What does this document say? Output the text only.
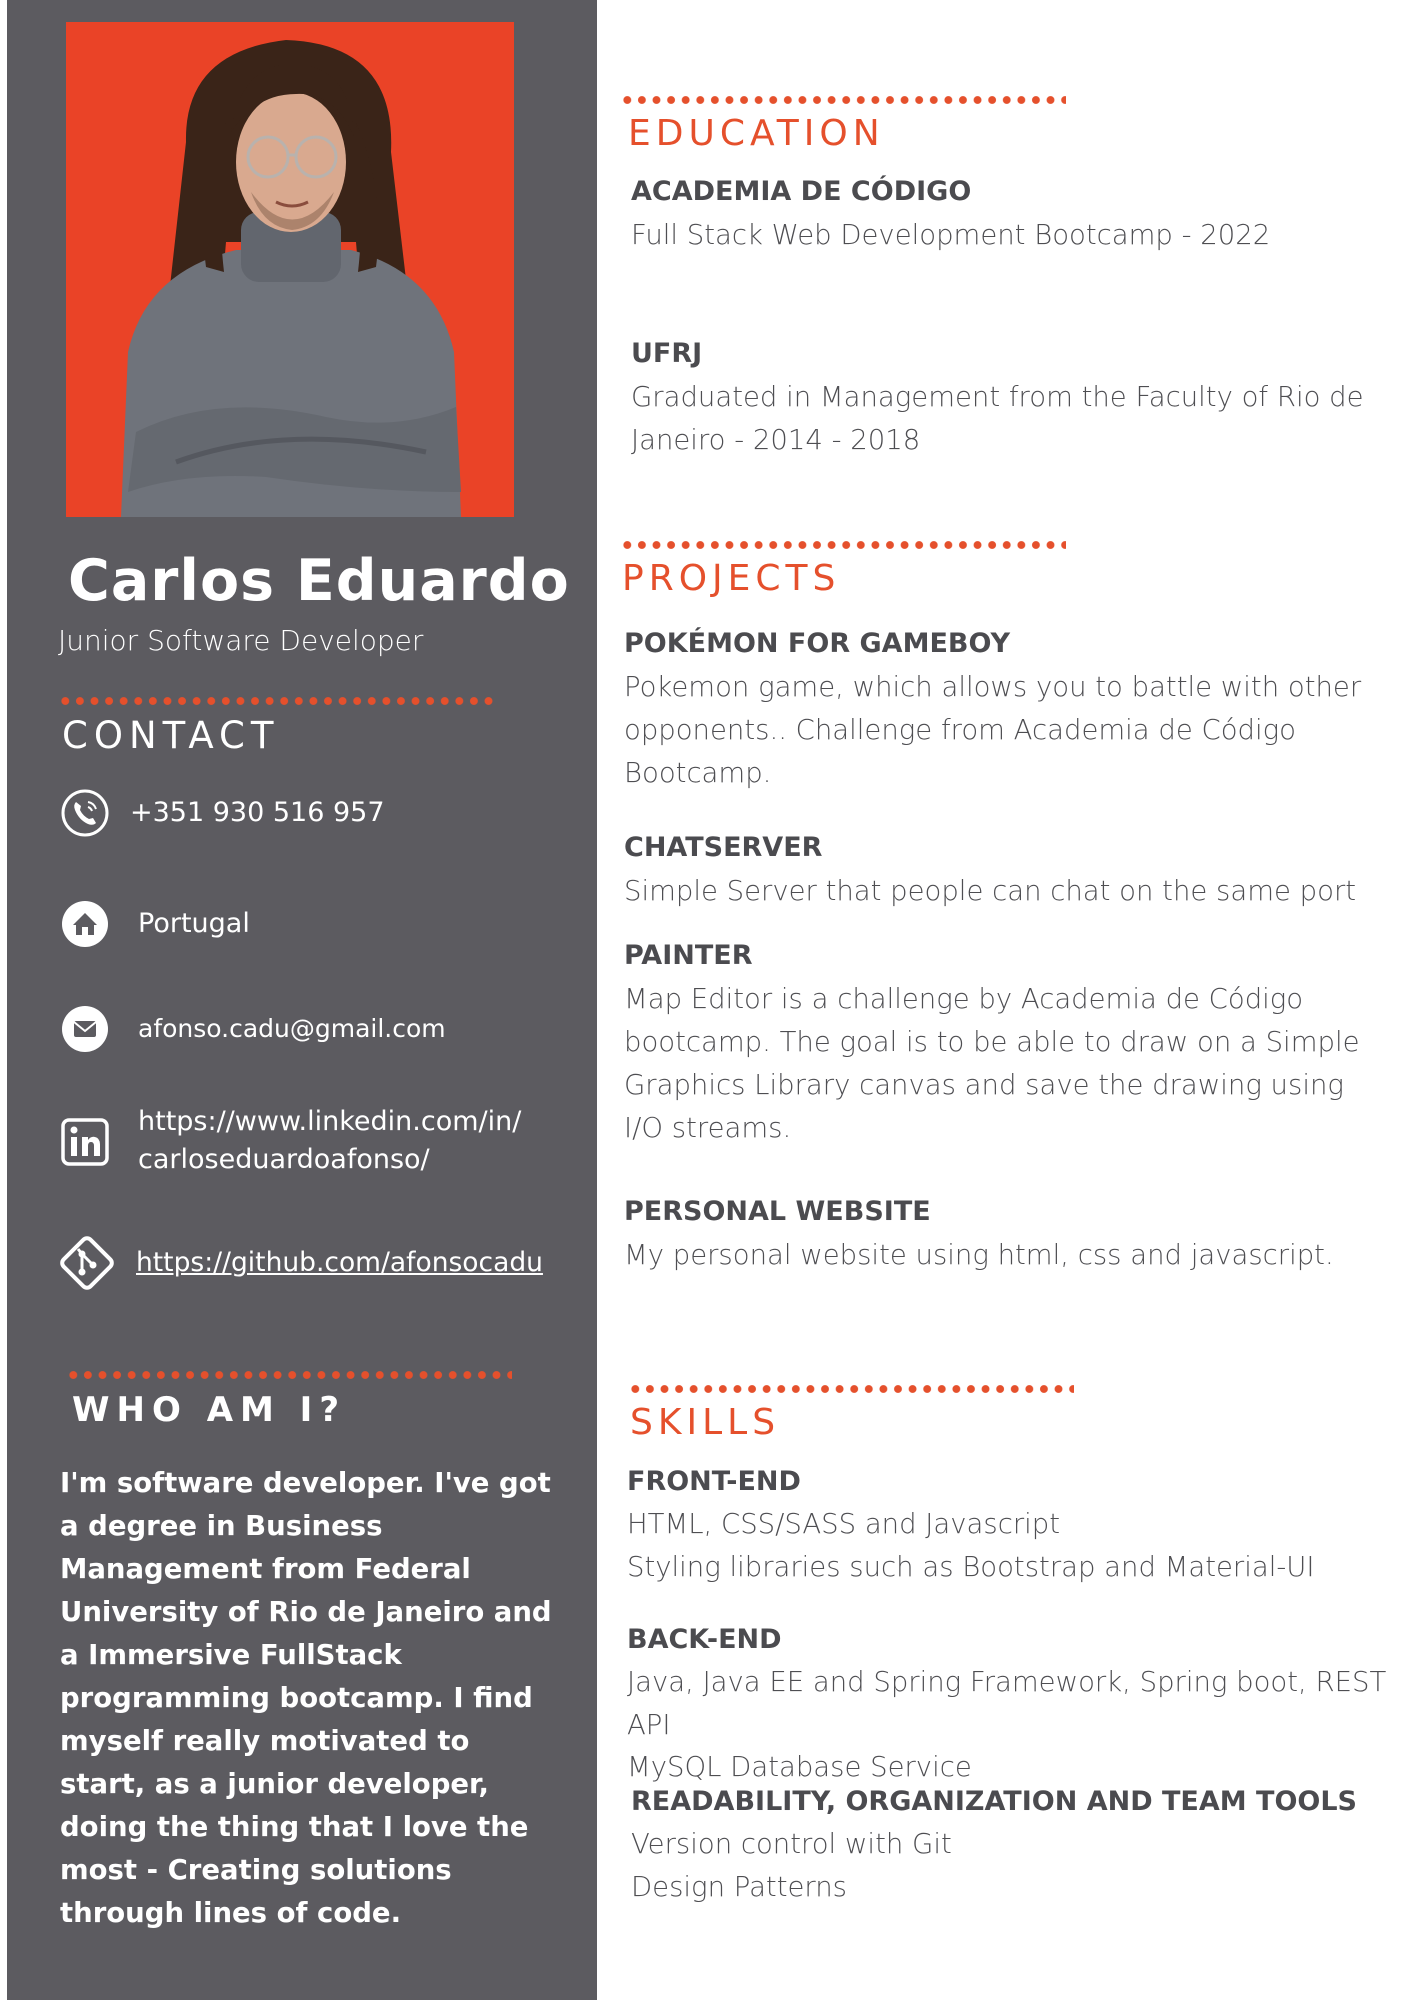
Carlos Eduardo
Junior Software Developer
CONTACT
+351 930 516 957
Portugal
afonso.cadu@gmail.com
https://www.linkedin.com/in/carloseduardoafonso/
https://github.com/afonsocadu
WHO AM I?

I'm software developer. I've got a degree in Business Management from Federal University of Rio de Janeiro and a Immersive FullStack programming bootcamp. I find myself really motivated to start, as a junior developer, doing the thing that I love the most - Creating solutions through lines of code.

EDUCATION
ACADEMIA DE CÓDIGO

Full Stack Web Development Bootcamp - 2022

UFRJ

Graduated in Management from the Faculty of Rio de Janeiro - 2014 - 2018

PROJECTS
POKÉMON FOR GAMEBOY

Pokemon game, which allows you to battle with other opponents.. Challenge from Academia de Código Bootcamp.

CHATSERVER

Simple Server that people can chat on the same port

PAINTER

Map Editor is a challenge by Academia de Código bootcamp. The goal is to be able to draw on a Simple Graphics Library canvas and save the drawing using I/O streams.

PERSONAL WEBSITE

My personal website using html, css and javascript.

SKILLS
FRONT-END

HTML, CSS/SASS and Javascript

Styling libraries such as Bootstrap and Material-UI

BACK-END

Java, Java EE and Spring Framework, Spring boot, REST API

MySQL Database Service

READABILITY, ORGANIZATION AND TEAM TOOLS

Version control with Git

Design Patterns
